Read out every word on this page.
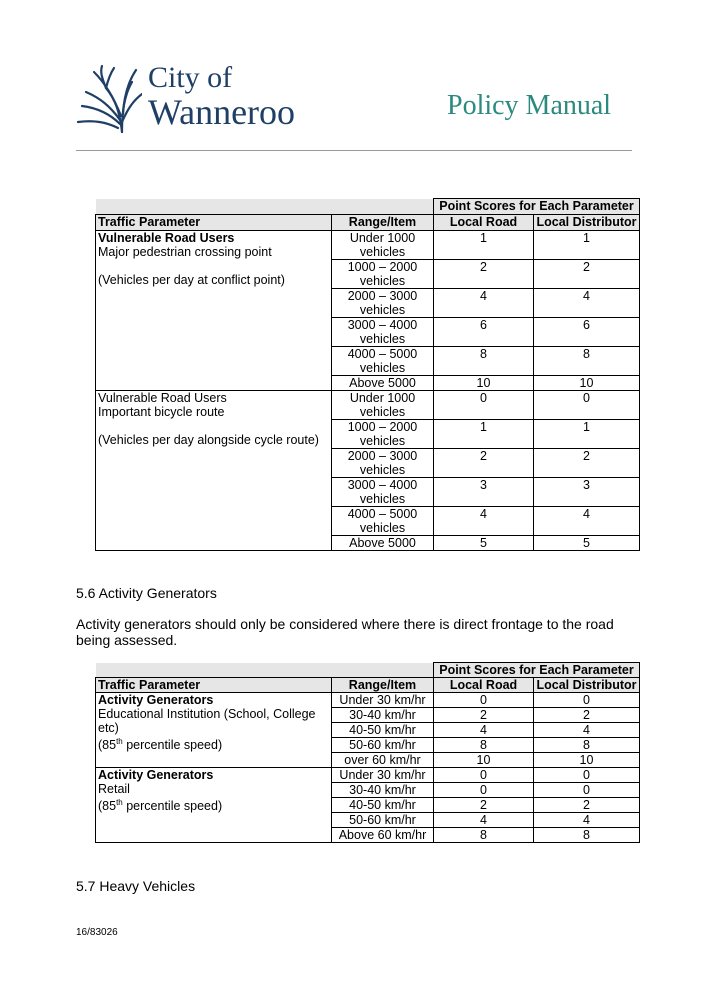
City of
Wanneroo	Policy Manual
		Point Scores for Each Parameter	
Traffic Parameter	Range/Item	Local Road	Local Distributor

Vulnerable Road Users
Major pedestrian crossing point
(Vehicles per day at conflict point)	Under 1000 vehicles	1	1
	1000 – 2000 vehicles	2	2
	2000 – 3000 vehicles	4	4
	3000 – 4000 vehicles	6	6
	4000 – 5000 vehicles	8	8
	Above 5000	10	10

Vulnerable Road Users
Important bicycle route
(Vehicles per day alongside cycle route)	Under 1000 vehicles	0	0
	1000 – 2000 vehicles	1	1
	2000 – 3000 vehicles	2	2
	3000 – 4000 vehicles	3	3
	4000 – 5000 vehicles	4	4
	Above 5000	5	5
5.6 Activity Generators
Activity generators should only be considered where there is direct frontage to the road being assessed.
		Point Scores for Each Parameter	
Traffic Parameter	Range/Item	Local Road	Local Distributor

Activity Generators
Educational Institution (School, College etc)
(85th percentile speed)	Under 30 km/hr	0	0
	30-40 km/hr	2	2
	40-50 km/hr	4	4
	50-60 km/hr	8	8
	over 60 km/hr	10	10

Activity Generators
Retail
(85th percentile speed)	Under 30 km/hr	0	0
	30-40 km/hr	0	0
	40-50 km/hr	2	2
	50-60 km/hr	4	4
	Above 60 km/hr	8	8
5.7 Heavy Vehicles
16/83026
